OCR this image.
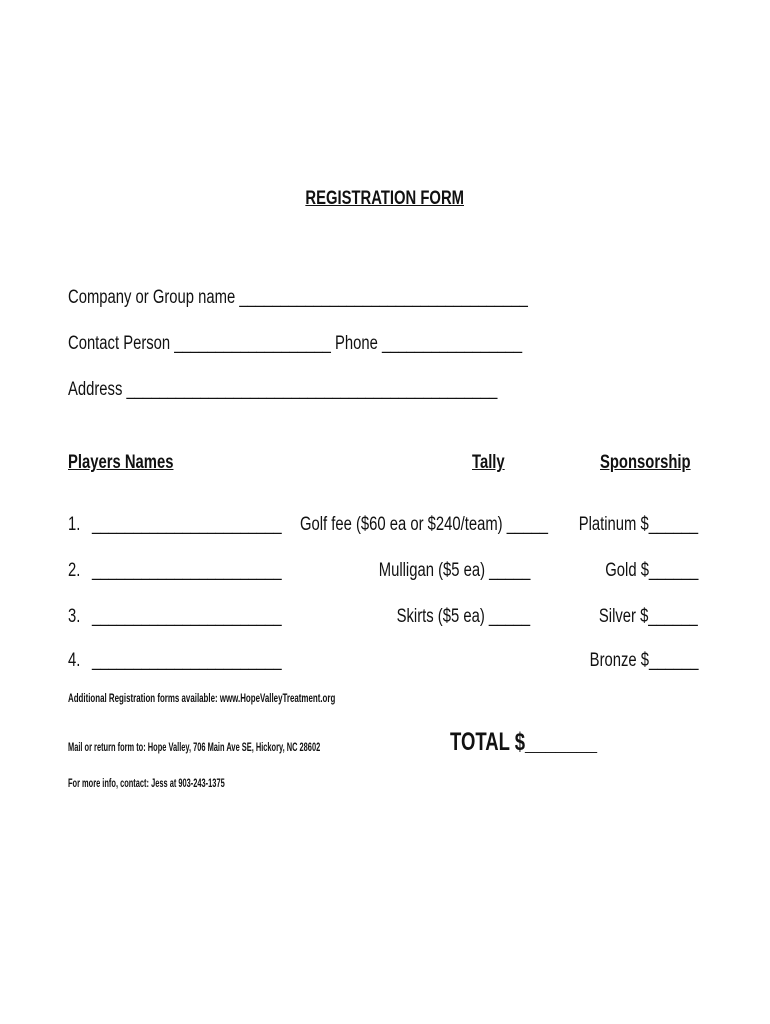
REGISTRATION FORM
Company or Group name ___________________________________
Contact Person ___________________ Phone _________________
Address _____________________________________________
Players Names	Tally	Sponsorship
1. _______________________
2. _______________________
3. _______________________
4. _______________________
Golf fee ($60 ea or $240/team) _____
Mulligan ($5 ea) _____
Skirts ($5 ea) _____
Platinum $______
Gold $______
Silver $______
Bronze $______
Additional Registration forms available: www.HopeValleyTreatment.org
Mail or return form to: Hope Valley, 706 Main Ave SE, Hickory, NC 28602
For more info, contact: Jess at 903-243-1375
TOTAL $_______
